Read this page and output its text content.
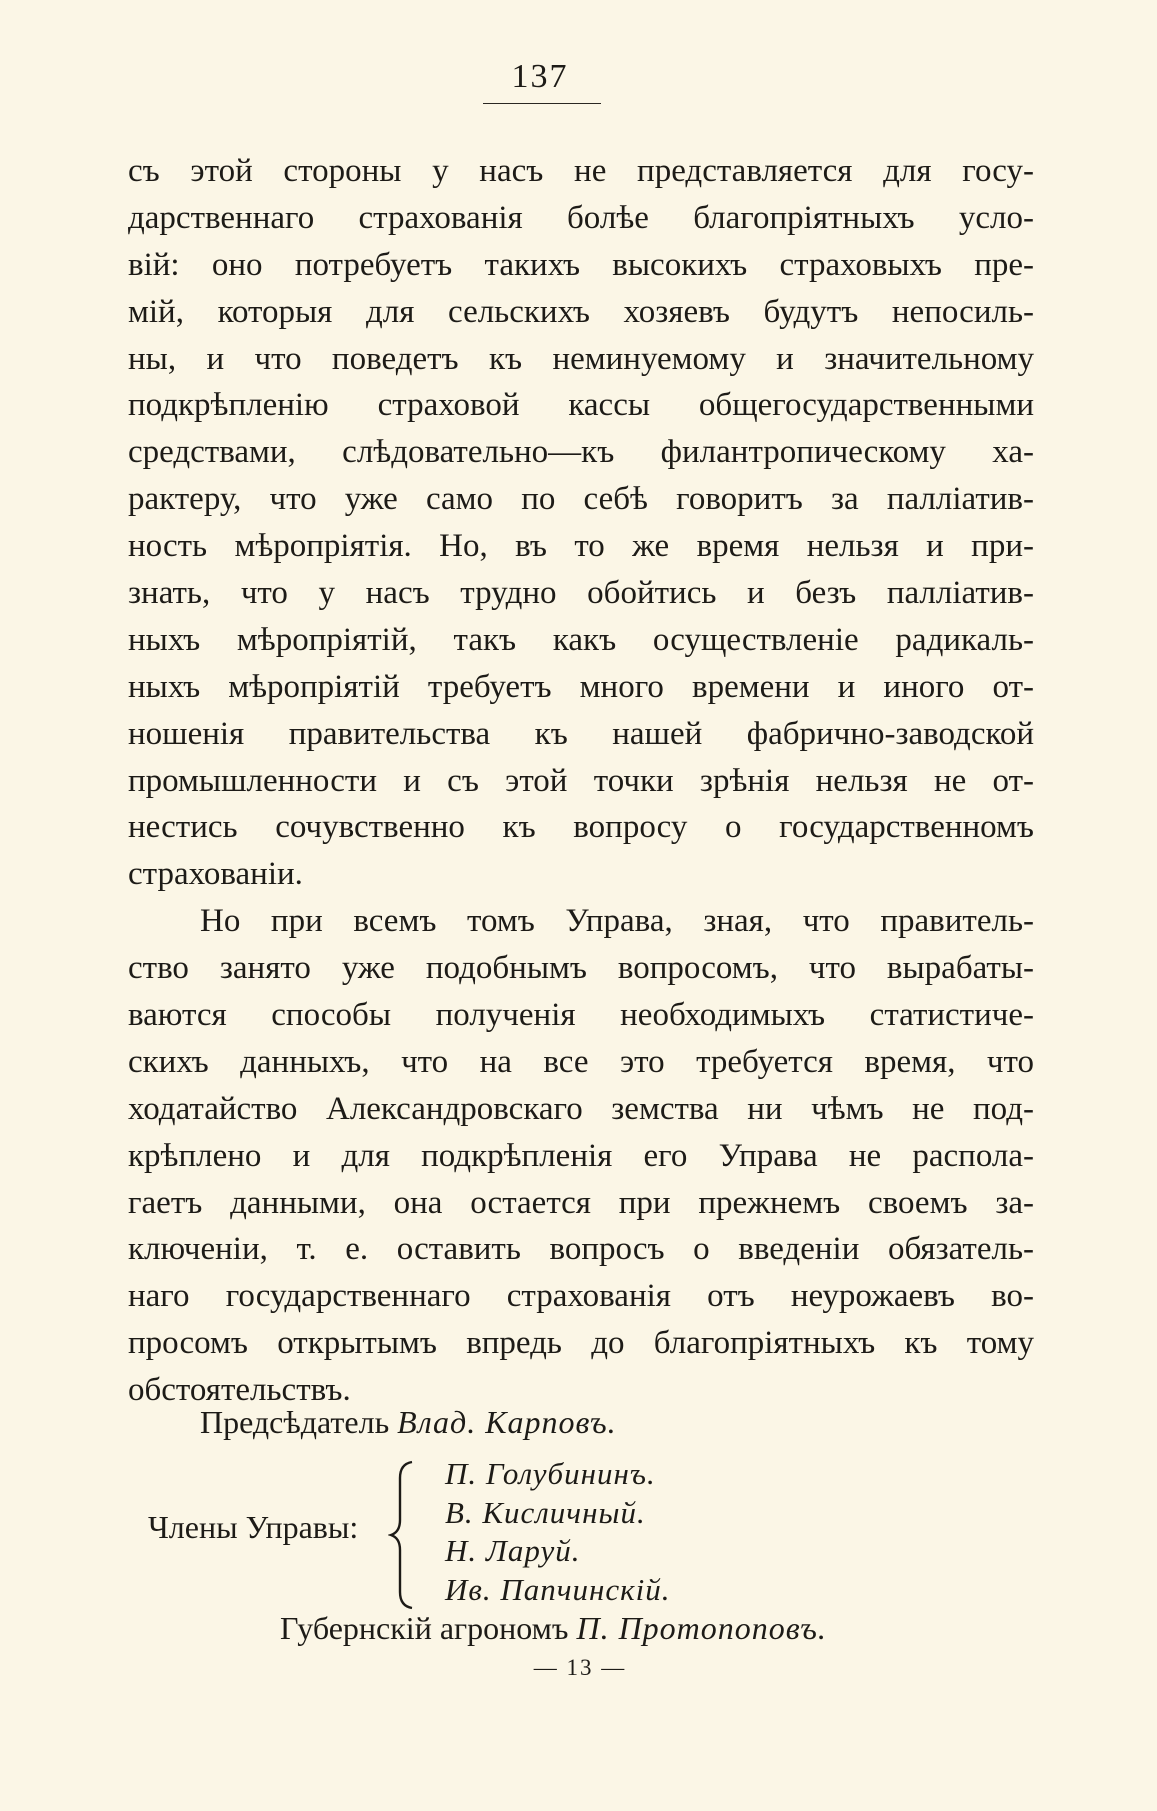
137
съ этой стороны у насъ не представляется для госу-
дарственнаго страхованія болѣе благопріятныхъ усло-
вій: оно потребуетъ такихъ высокихъ страховыхъ пре-
мій, которыя для сельскихъ хозяевъ будутъ непосиль-
ны, и что поведетъ къ неминуемому и значительному
подкрѣпленію страховой кассы общегосударственными
средствами, слѣдовательно—къ филантропическому ха-
рактеру, что уже само по себѣ говоритъ за палліатив-
ность мѣропріятія. Но, въ то же время нельзя и при-
знать, что у насъ трудно обойтись и безъ палліатив-
ныхъ мѣропріятій, такъ какъ осуществленіе радикаль-
ныхъ мѣропріятій требуетъ много времени и иного от-
ношенія правительства къ нашей фабрично-заводской
промышленности и съ этой точки зрѣнія нельзя не от-
нестись сочувственно къ вопросу о государственномъ
страхованіи.
Но при всемъ томъ Управа, зная, что правитель-
ство занято уже подобнымъ вопросомъ, что вырабаты-
ваются способы полученія необходимыхъ статистиче-
скихъ данныхъ, что на все это требуется время, что
ходатайство Александровскаго земства ни чѣмъ не под-
крѣплено и для подкрѣпленія его Управа не распола-
гаетъ данными, она остается при прежнемъ своемъ за-
ключеніи, т. е. оставить вопросъ о введеніи обязатель-
наго государственнаго страхованія отъ неурожаевъ во-
просомъ открытымъ впредь до благопріятныхъ къ тому
обстоятельствъ.
Предсѣдатель Влад. Карповъ.
Члены Управы:
П. Голубининъ.
В. Кисличный.
Н. Ларуй.
Ив. Папчинскій.
Губернскій агрономъ П. Протопоповъ.
— 13 —
